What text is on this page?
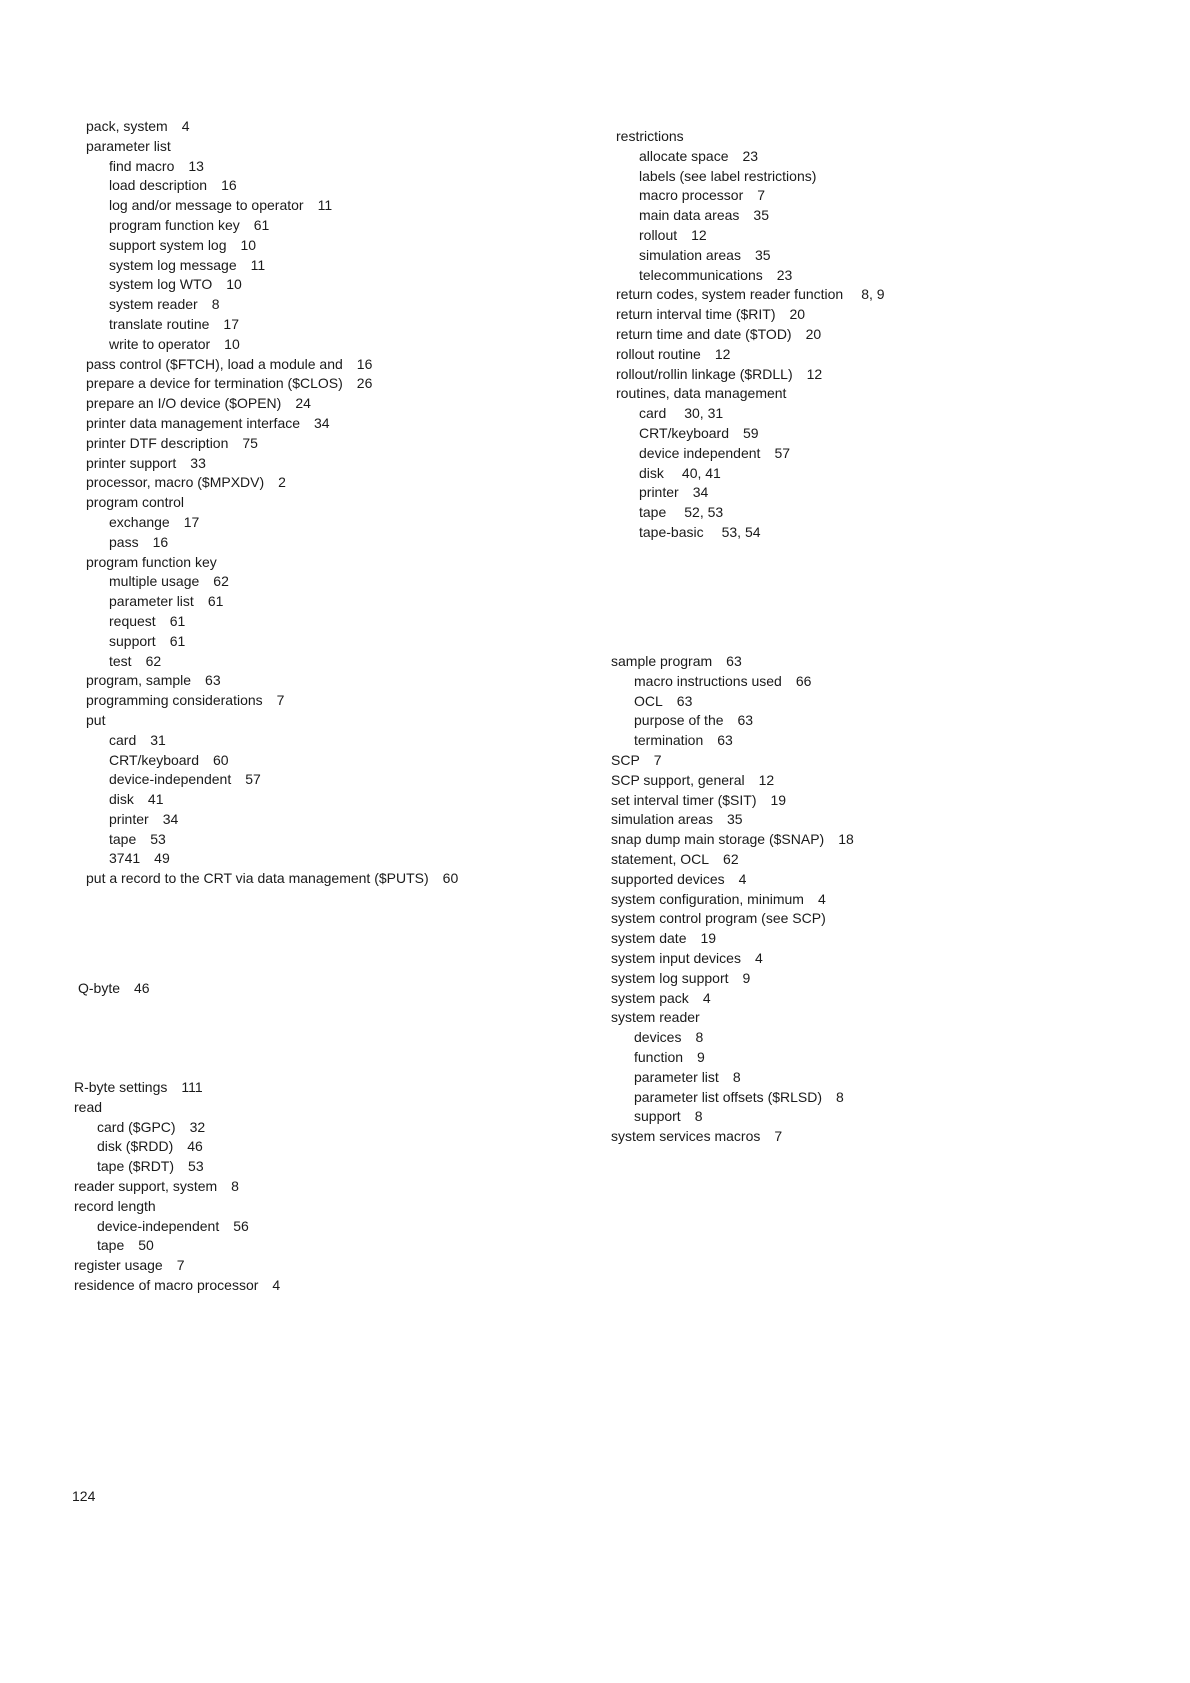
pack, system 4
parameter list
find macro 13
load description 16
log and/or message to operator 11
program function key 61
support system log 10
system log message 11
system log WTO 10
system reader 8
translate routine 17
write to operator 10
pass control ($FTCH), load a module and 16
prepare a device for termination ($CLOS) 26
prepare an I/O device ($OPEN) 24
printer data management interface 34
printer DTF description 75
printer support 33
processor, macro ($MPXDV) 2
program control
exchange 17
pass 16
program function key
multiple usage 62
parameter list 61
request 61
support 61
test 62
program, sample 63
programming considerations 7
put
card 31
CRT/keyboard 60
device-independent 57
disk 41
printer 34
tape 53
3741 49
put a record to the CRT via data management ($PUTS) 60
Q-byte 46
R-byte settings 111
read
card ($GPC) 32
disk ($RDD) 46
tape ($RDT) 53
reader support, system 8
record length
device-independent 56
tape 50
register usage 7
residence of macro processor 4
restrictions
allocate space 23
labels (see label restrictions)
macro processor 7
main data areas 35
rollout 12
simulation areas 35
telecommunications 23
return codes, system reader function 8, 9
return interval time ($RIT) 20
return time and date ($TOD) 20
rollout routine 12
rollout/rollin linkage ($RDLL) 12
routines, data management
card 30, 31
CRT/keyboard 59
device independent 57
disk 40, 41
printer 34
tape 52, 53
tape-basic 53, 54
sample program 63
macro instructions used 66
OCL 63
purpose of the 63
termination 63
SCP 7
SCP support, general 12
set interval timer ($SIT) 19
simulation areas 35
snap dump main storage ($SNAP) 18
statement, OCL 62
supported devices 4
system configuration, minimum 4
system control program (see SCP)
system date 19
system input devices 4
system log support 9
system pack 4
system reader
devices 8
function 9
parameter list 8
parameter list offsets ($RLSD) 8
support 8
system services macros 7
124
